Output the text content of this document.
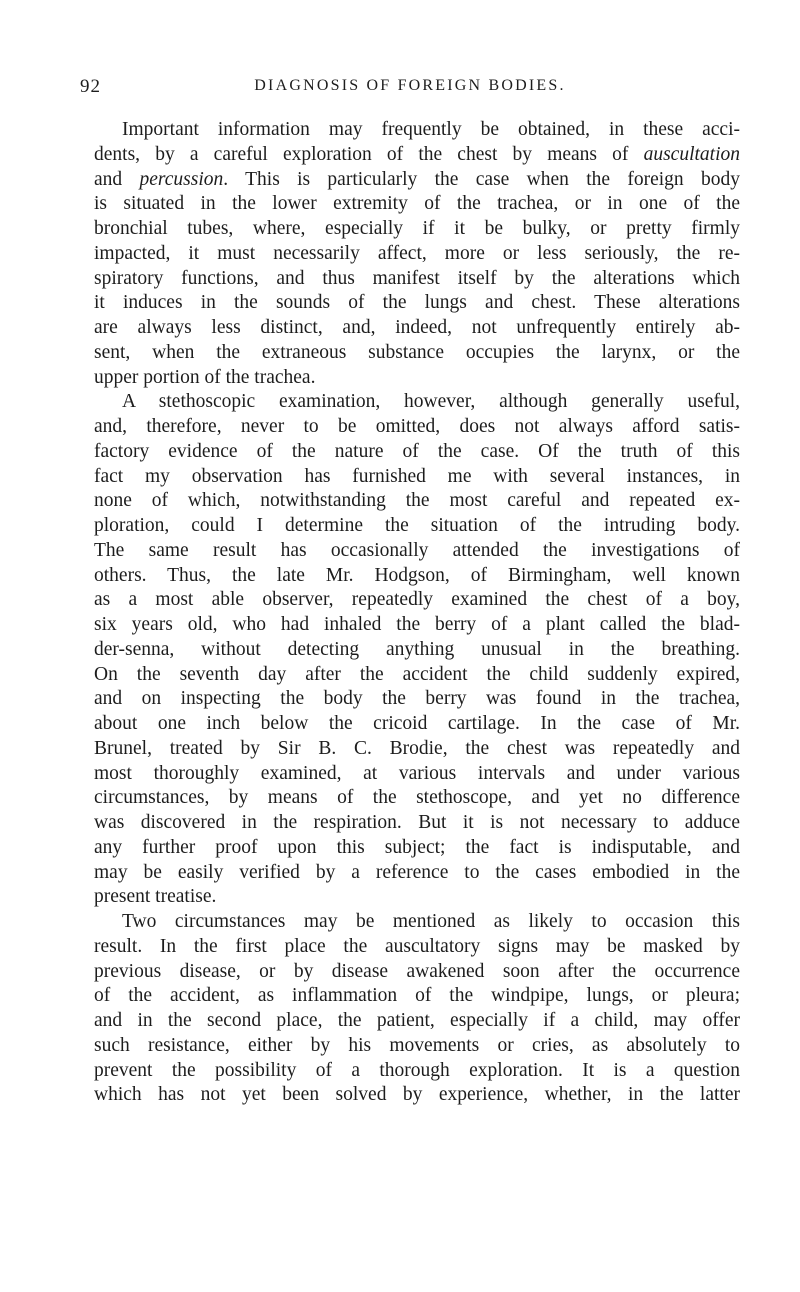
92	DIAGNOSIS OF FOREIGN BODIES.
Important information may frequently be obtained, in these acci-
dents, by a careful exploration of the chest by means of auscultation
and percussion. This is particularly the case when the foreign body
is situated in the lower extremity of the trachea, or in one of the
bronchial tubes, where, especially if it be bulky, or pretty firmly
impacted, it must necessarily affect, more or less seriously, the re-
spiratory functions, and thus manifest itself by the alterations which
it induces in the sounds of the lungs and chest. These alterations
are always less distinct, and, indeed, not unfrequently entirely ab-
sent, when the extraneous substance occupies the larynx, or the
upper portion of the trachea.
A stethoscopic examination, however, although generally useful,
and, therefore, never to be omitted, does not always afford satis-
factory evidence of the nature of the case. Of the truth of this
fact my observation has furnished me with several instances, in
none of which, notwithstanding the most careful and repeated ex-
ploration, could I determine the situation of the intruding body.
The same result has occasionally attended the investigations of
others. Thus, the late Mr. Hodgson, of Birmingham, well known
as a most able observer, repeatedly examined the chest of a boy,
six years old, who had inhaled the berry of a plant called the blad-
der-senna, without detecting anything unusual in the breathing.
On the seventh day after the accident the child suddenly expired,
and on inspecting the body the berry was found in the trachea,
about one inch below the cricoid cartilage. In the case of Mr.
Brunel, treated by Sir B. C. Brodie, the chest was repeatedly and
most thoroughly examined, at various intervals and under various
circumstances, by means of the stethoscope, and yet no difference
was discovered in the respiration. But it is not necessary to adduce
any further proof upon this subject; the fact is indisputable, and
may be easily verified by a reference to the cases embodied in the
present treatise.
Two circumstances may be mentioned as likely to occasion this
result. In the first place the auscultatory signs may be masked by
previous disease, or by disease awakened soon after the occurrence
of the accident, as inflammation of the windpipe, lungs, or pleura;
and in the second place, the patient, especially if a child, may offer
such resistance, either by his movements or cries, as absolutely to
prevent the possibility of a thorough exploration. It is a question
which has not yet been solved by experience, whether, in the latter
